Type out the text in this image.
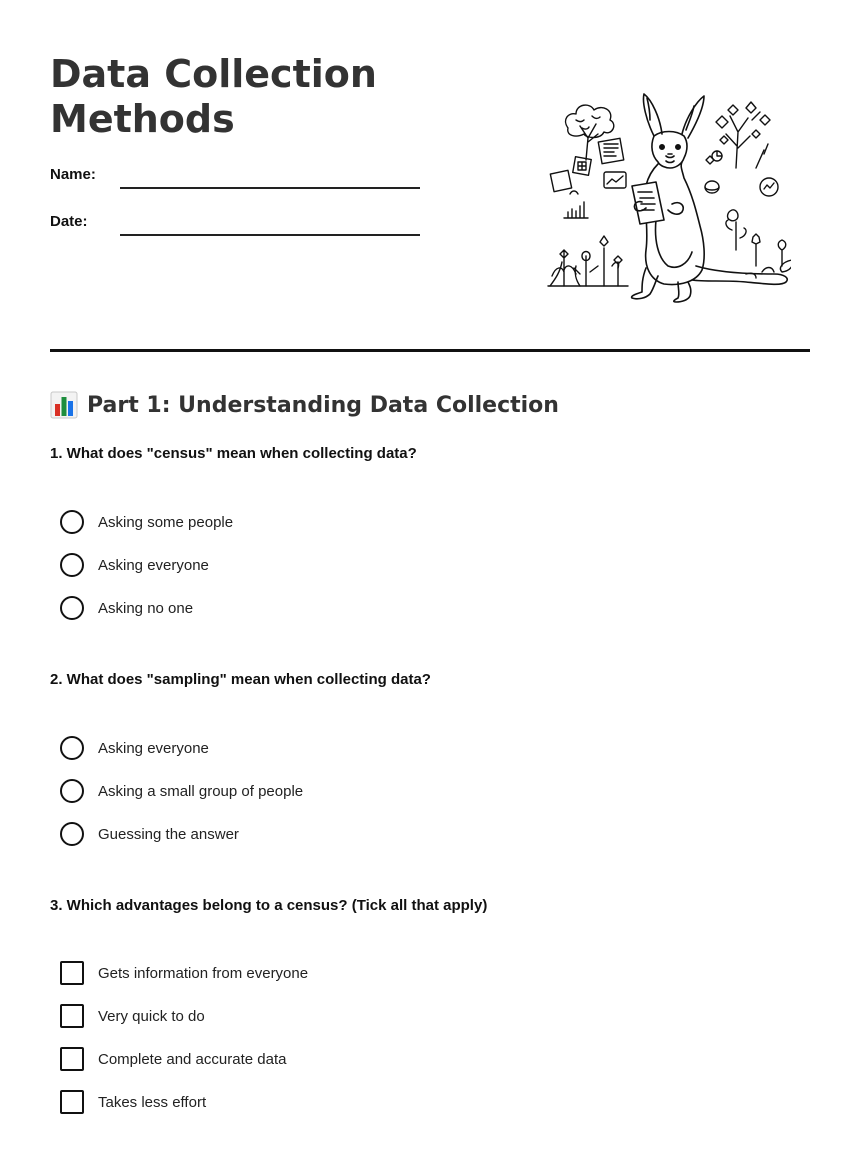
Data Collection Methods
Name:
Date:
Part 1: Understanding Data Collection

1. What does "census" mean when collecting data?

Asking some people
Asking everyone
Asking no one

2. What does "sampling" mean when collecting data?

Asking everyone
Asking a small group of people
Guessing the answer

3. Which advantages belong to a census? (Tick all that apply)

Gets information from everyone
Very quick to do
Complete and accurate data
Takes less effort
